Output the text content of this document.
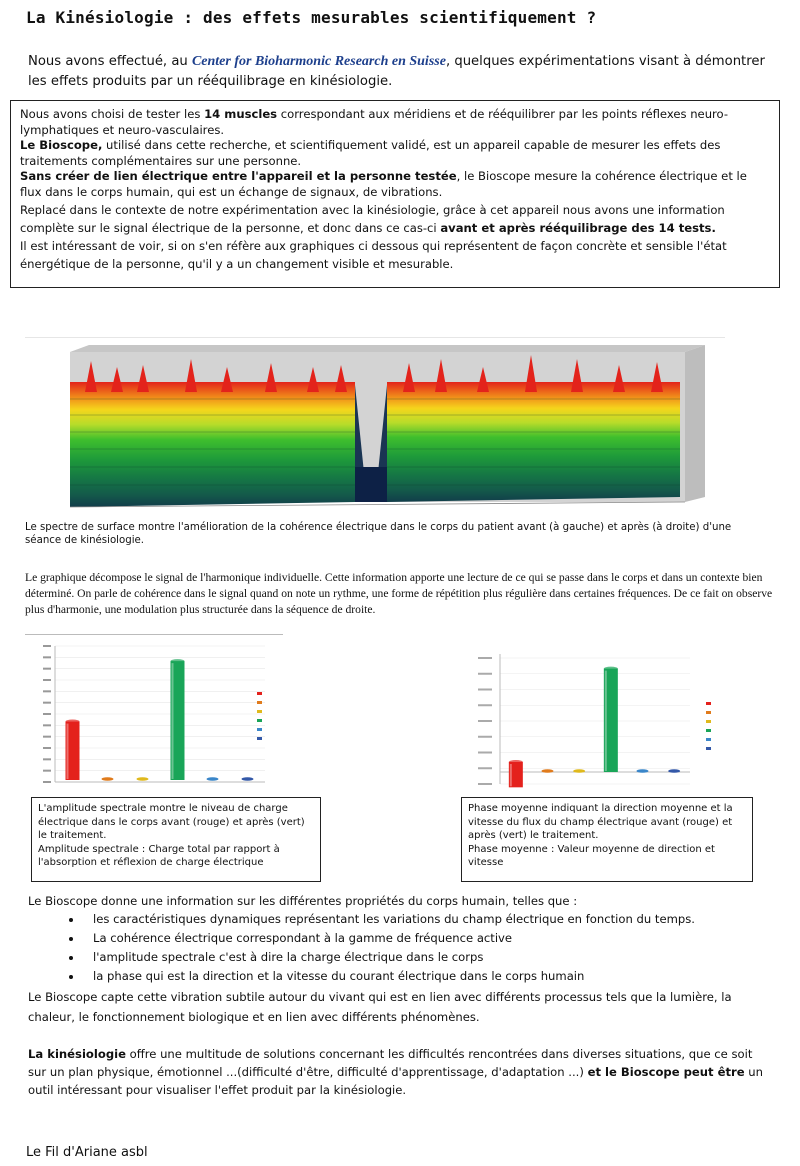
La Kinésiologie : des effets mesurables scientifiquement ?
Nous avons effectué, au Center for Bioharmonic Research en Suisse, quelques expérimentations visant à démontrer les effets produits par un rééquilibrage en kinésiologie.

Nous avons choisi de tester les 14 muscles correspondant aux méridiens et de rééquilibrer par les points réflexes neuro-lymphatiques et neuro-vasculaires.

Le Bioscope, utilisé dans cette recherche, et scientifiquement validé, est un appareil capable de mesurer les effets des traitements complémentaires sur une personne.

Sans créer de lien électrique entre l'appareil et la personne testée, le Bioscope mesure la cohérence électrique et le flux dans le corps humain, qui est un échange de signaux, de vibrations.

Replacé dans le contexte de notre expérimentation avec la kinésiologie, grâce à cet appareil nous avons une information complète sur le signal électrique de la personne, et donc dans ce cas-ci avant et après rééquilibrage des 14 tests.

Il est intéressant de voir, si on s'en réfère aux graphiques ci dessous qui représentent de façon concrète et sensible l'état énergétique de la personne, qu'il y a un changement visible et mesurable.

Le spectre de surface montre l'amélioration de la cohérence électrique dans le corps du patient avant (à gauche) et après (à droite) d'une séance de kinésiologie.
Le graphique décompose le signal de l'harmonique individuelle. Cette information apporte une lecture de ce qui se passe dans le corps et dans un contexte bien déterminé. On parle de cohérence dans le signal quand on note un rythme, une forme de répétition plus régulière dans certaines fréquences. De ce fait on observe plus d'harmonie, une modulation plus structurée dans la séquence de droite.
L'amplitude spectrale montre le niveau de charge électrique dans le corps avant (rouge) et après (vert) le traitement.
Amplitude spectrale : Charge total par rapport à l'absorption et réflexion de charge électrique
Phase moyenne indiquant la direction moyenne et la vitesse du flux du champ électrique avant (rouge) et après (vert) le traitement.
Phase moyenne : Valeur moyenne de direction et vitesse

Le Bioscope donne une information sur les différentes propriétés du corps humain, telles que :

• les caractéristiques dynamiques représentant les variations du champ électrique en fonction du temps.
• La cohérence électrique correspondant à la gamme de fréquence active
• l'amplitude spectrale c'est à dire la charge électrique dans le corps
• la phase qui est la direction et la vitesse du courant électrique dans le corps humain

Le Bioscope capte cette vibration subtile autour du vivant qui est en lien avec différents processus tels que la lumière, la chaleur, le fonctionnement biologique et en lien avec différents phénomènes.

La kinésiologie offre une multitude de solutions concernant les difficultés rencontrées dans diverses situations, que ce soit sur un plan physique, émotionnel ...(difficulté d'être, difficulté d'apprentissage, d'adaptation ...) et le Bioscope peut être un outil intéressant pour visualiser l'effet produit par la kinésiologie.
Le Fil d'Ariane asbl
